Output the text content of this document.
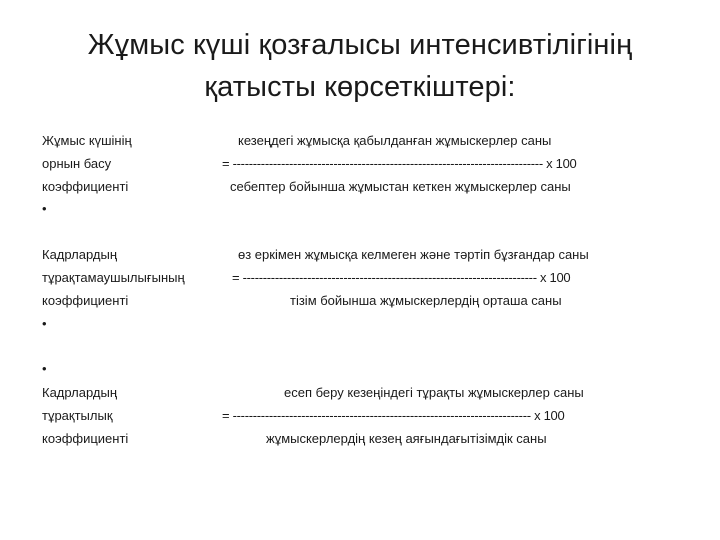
Жұмыс күші қозғалысы интенсивтілігінің
қатысты көрсеткіштері:
Жұмыс күшінің
орнын басу
коэффициенті
•
кезеңдегі жұмысқа қабылданған жұмыскерлер саны
= ----------------------------------------------------------------------------- х 100
себептер бойынша жұмыстан кеткен жұмыскерлер саны
Кадрлардың
тұрақтамаушылығының
коэффициенті
•
өз еркімен жұмысқа келмеген және тәртіп бұзғандар саны
= ------------------------------------------------------------------------- х 100
тізім бойынша жұмыскерлердің орташа саны
•
Кадрлардың
тұрақтылық
коэффициенті
есеп беру кезеңіндегі тұрақты жұмыскерлер саны
= -------------------------------------------------------------------------- х 100
жұмыскерлердің кезең аяғындағытізімдік саны
